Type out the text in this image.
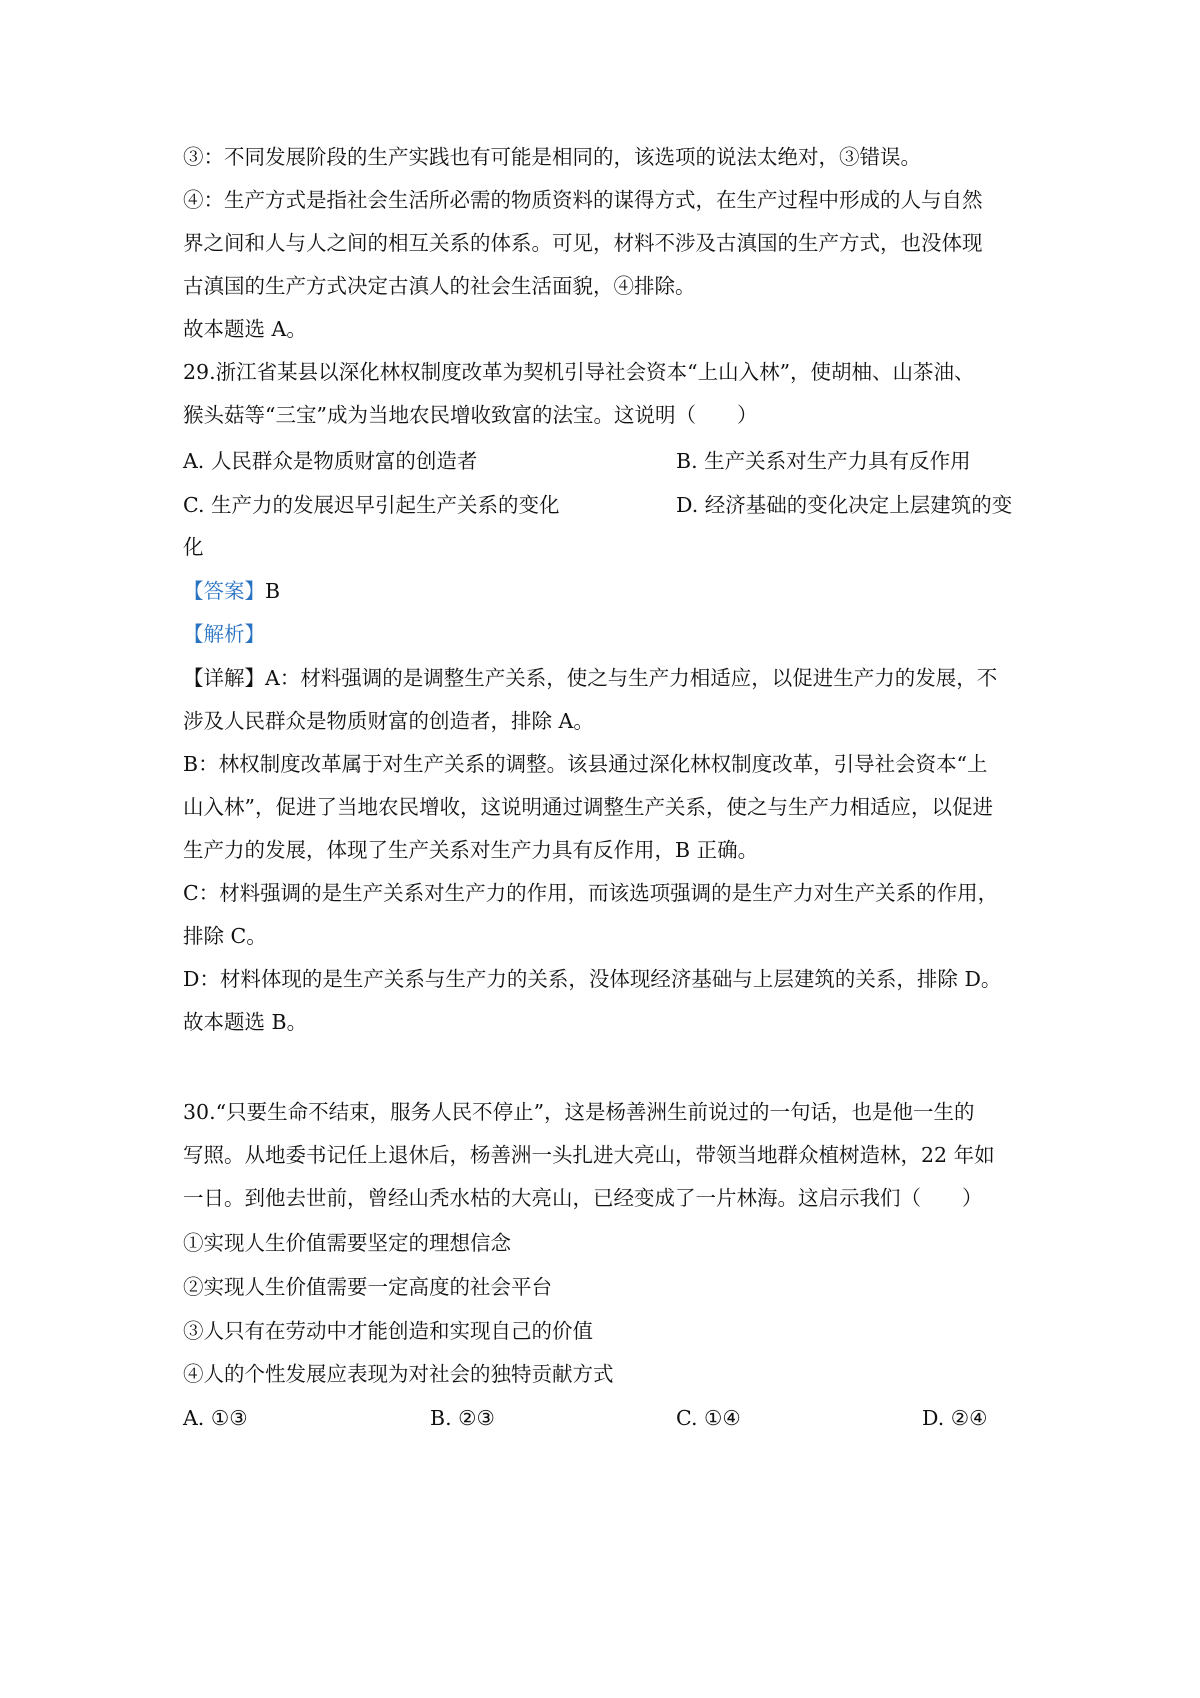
③：不同发展阶段的生产实践也有可能是相同的，该选项的说法太绝对，③错误。
④：生产方式是指社会生活所必需的物质资料的谋得方式，在生产过程中形成的人与自然
界之间和人与人之间的相互关系的体系。可见，材料不涉及古滇国的生产方式，也没体现
古滇国的生产方式决定古滇人的社会生活面貌，④排除。
故本题选 A。
29.浙江省某县以深化林权制度改革为契机引导社会资本“上山入林”，使胡柚、山茶油、
猴头菇等“三宝”成为当地农民增收致富的法宝。这说明（　　）
A. 人民群众是物质财富的创造者	B. 生产关系对生产力具有反作用
C. 生产力的发展迟早引起生产关系的变化	D. 经济基础的变化决定上层建筑的变
化
【答案】B
【解析】
【详解】A：材料强调的是调整生产关系，使之与生产力相适应，以促进生产力的发展，不
涉及人民群众是物质财富的创造者，排除 A。
B：林权制度改革属于对生产关系的调整。该县通过深化林权制度改革，引导社会资本“上
山入林”，促进了当地农民增收，这说明通过调整生产关系，使之与生产力相适应，以促进
生产力的发展，体现了生产关系对生产力具有反作用，B 正确。
C：材料强调的是生产关系对生产力的作用，而该选项强调的是生产力对生产关系的作用，
排除 C。
D：材料体现的是生产关系与生产力的关系，没体现经济基础与上层建筑的关系，排除 D。
故本题选 B。
30.“只要生命不结束，服务人民不停止”，这是杨善洲生前说过的一句话，也是他一生的
写照。从地委书记任上退休后，杨善洲一头扎进大亮山，带领当地群众植树造林，22 年如
一日。到他去世前，曾经山秃水枯的大亮山，已经变成了一片林海。这启示我们（　　）
①实现人生价值需要坚定的理想信念
②实现人生价值需要一定高度的社会平台
③人只有在劳动中才能创造和实现自己的价值
④人的个性发展应表现为对社会的独特贡献方式
A. ①③	B. ②③	C. ①④	D. ②④
